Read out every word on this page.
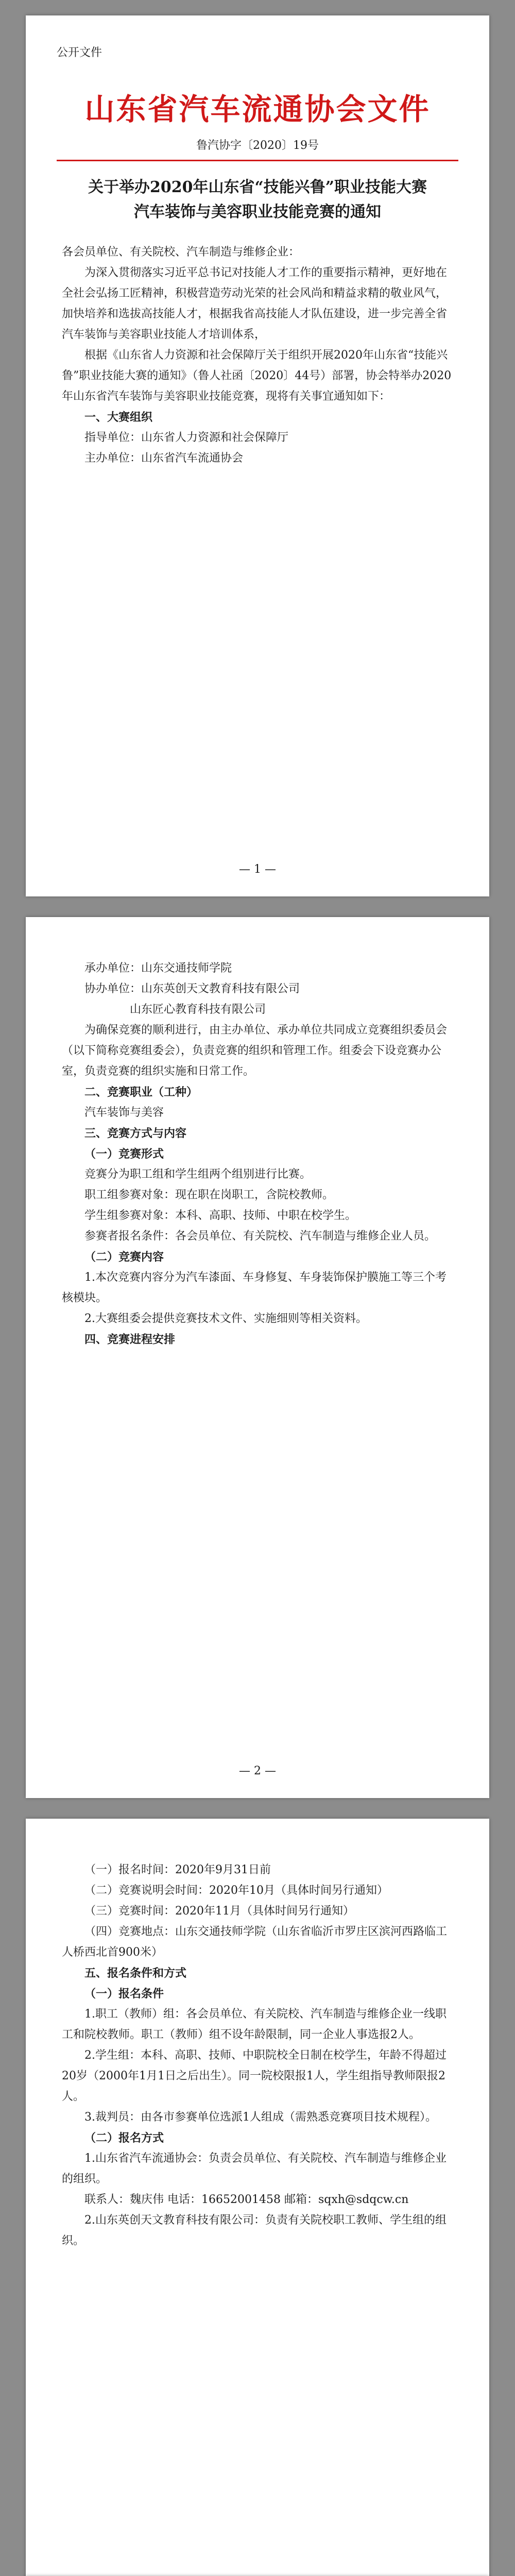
公开文件
山东省汽车流通协会文件
鲁汽协字〔2020〕19号
关于举办2020年山东省“技能兴鲁”职业技能大赛
汽车装饰与美容职业技能竞赛的通知

各会员单位、有关院校、汽车制造与维修企业：

为深入贯彻落实习近平总书记对技能人才工作的重要指示精神，更好地在全社会弘扬工匠精神，积极营造劳动光荣的社会风尚和精益求精的敬业风气，加快培养和选拔高技能人才，根据我省高技能人才队伍建设，进一步完善全省汽车装饰与美容职业技能人才培训体系，

根据《山东省人力资源和社会保障厅关于组织开展2020年山东省“技能兴鲁”职业技能大赛的通知》（鲁人社函〔2020〕44号）部署，协会特举办2020年山东省汽车装饰与美容职业技能竞赛，现将有关事宜通知如下：

一、大赛组织

指导单位：山东省人力资源和社会保障厅

主办单位：山东省汽车流通协会

— 1 —

承办单位：山东交通技师学院

协办单位：山东英创天文教育科技有限公司

山东匠心教育科技有限公司

为确保竞赛的顺利进行，由主办单位、承办单位共同成立竞赛组织委员会（以下简称竞赛组委会），负责竞赛的组织和管理工作。组委会下设竞赛办公室，负责竞赛的组织实施和日常工作。

二、竞赛职业（工种）

汽车装饰与美容

三、竞赛方式与内容

（一）竞赛形式

竞赛分为职工组和学生组两个组别进行比赛。

职工组参赛对象：现在职在岗职工，含院校教师。

学生组参赛对象：本科、高职、技师、中职在校学生。

参赛者报名条件：各会员单位、有关院校、汽车制造与维修企业人员。

（二）竞赛内容

1.本次竞赛内容分为汽车漆面、车身修复、车身装饰保护膜施工等三个考核模块。

2.大赛组委会提供竞赛技术文件、实施细则等相关资料。

四、竞赛进程安排

— 2 —

（一）报名时间：2020年9月31日前

（二）竞赛说明会时间：2020年10月（具体时间另行通知）

（三）竞赛时间：2020年11月（具体时间另行通知）

（四）竞赛地点：山东交通技师学院（山东省临沂市罗庄区滨河西路临工人桥西北首900米）

五、报名条件和方式

（一）报名条件

1.职工（教师）组：各会员单位、有关院校、汽车制造与维修企业一线职工和院校教师。职工（教师）组不设年龄限制，同一企业人事选报2人。

2.学生组：本科、高职、技师、中职院校全日制在校学生，年龄不得超过20岁（2000年1月1日之后出生）。同一院校限报1人，学生组指导教师限报2人。

3.裁判员：由各市参赛单位选派1人组成（需熟悉竞赛项目技术规程）。

（二）报名方式

1.山东省汽车流通协会：负责会员单位、有关院校、汽车制造与维修企业的组织。

联系人：魏庆伟 电话：16652001458 邮箱：sqxh@sdqcw.cn

2.山东英创天文教育科技有限公司：负责有关院校职工教师、学生组的组织。
